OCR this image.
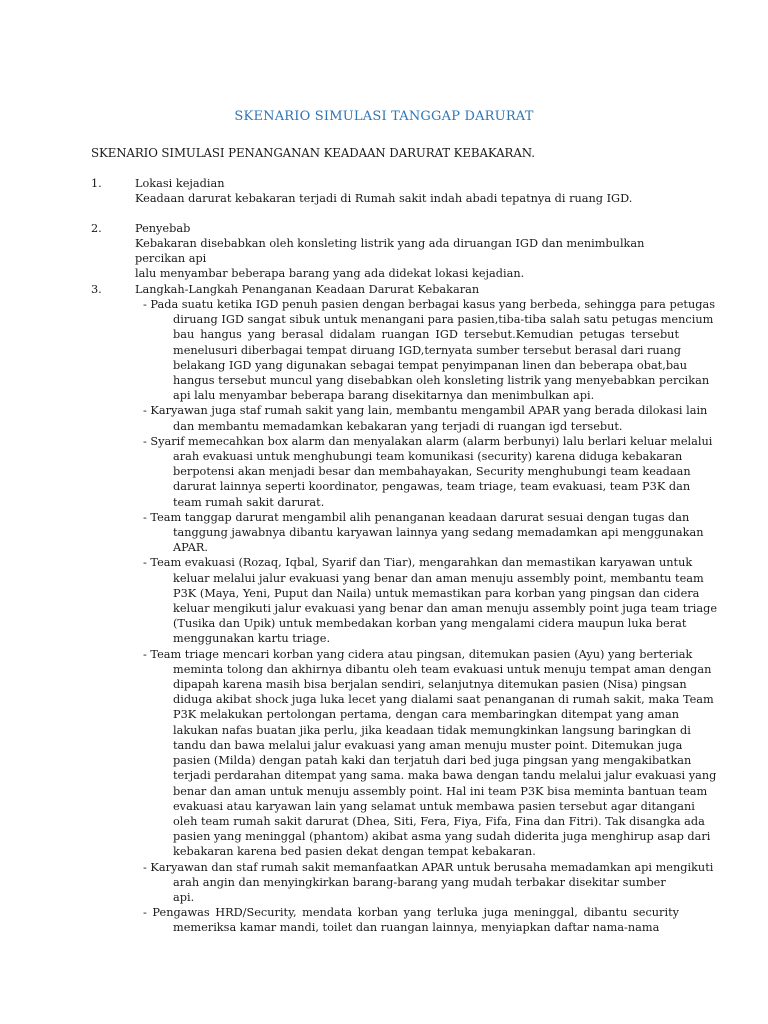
SKENARIO SIMULASI TANGGAP DARURAT
SKENARIO SIMULASI PENANGANAN KEADAAN DARURAT KEBAKARAN.
1.	Lokasi kejadian

Keadaan darurat kebakaran terjadi di Rumah sakit indah abadi tepatnya di ruang IGD.

2.	Penyebab

Kebakaran disebabkan oleh konsleting listrik yang ada diruangan IGD dan menimbulkan percikan api

lalu menyambar beberapa barang yang ada didekat lokasi kejadian.

3.	Langkah-Langkah Penanganan Keadaan Darurat Kebakaran
- Pada suatu ketika IGD penuh pasien dengan berbagai kasus yang berbeda, sehingga para petugas
diruang IGD sangat sibuk untuk menangani para pasien,tiba-tiba salah satu petugas mencium
bau hangus yang berasal didalam ruangan IGD tersebut.Kemudian petugas tersebut
menelusuri diberbagai tempat diruang IGD,ternyata sumber tersebut berasal dari ruang
belakang IGD yang digunakan sebagai tempat penyimpanan linen dan beberapa obat,bau
hangus tersebut muncul yang disebabkan oleh konsleting listrik yang menyebabkan percikan
api lalu menyambar beberapa barang disekitarnya dan menimbulkan api.
- Karyawan juga staf rumah sakit yang lain, membantu mengambil APAR yang berada dilokasi lain
dan membantu memadamkan kebakaran yang terjadi di ruangan igd tersebut.
- Syarif memecahkan box alarm dan menyalakan alarm (alarm berbunyi) lalu berlari keluar melalui
arah evakuasi untuk menghubungi team komunikasi (security) karena diduga kebakaran
berpotensi akan menjadi besar dan membahayakan, Security menghubungi team keadaan
darurat lainnya seperti koordinator, pengawas, team triage, team evakuasi, team P3K dan
team rumah sakit darurat.
- Team tanggap darurat mengambil alih penanganan keadaan darurat sesuai dengan tugas dan
tanggung jawabnya dibantu karyawan lainnya yang sedang memadamkan api menggunakan
APAR.
- Team evakuasi (Rozaq, Iqbal, Syarif dan Tiar), mengarahkan dan memastikan karyawan untuk
keluar melalui jalur evakuasi yang benar dan aman menuju assembly point, membantu team
P3K (Maya, Yeni, Puput dan Naila) untuk memastikan para korban yang pingsan dan cidera
keluar mengikuti jalur evakuasi yang benar dan aman menuju assembly point juga team triage
(Tusika dan Upik) untuk membedakan korban yang mengalami cidera maupun luka berat
menggunakan kartu triage.
- Team triage mencari korban yang cidera atau pingsan, ditemukan pasien (Ayu) yang berteriak
meminta tolong dan akhirnya dibantu oleh team evakuasi untuk menuju tempat aman dengan
dipapah karena masih bisa berjalan sendiri, selanjutnya ditemukan pasien (Nisa) pingsan
diduga akibat shock juga luka lecet yang dialami saat penanganan di rumah sakit, maka Team
P3K melakukan pertolongan pertama, dengan cara membaringkan ditempat yang aman
lakukan nafas buatan jika perlu, jika keadaan tidak memungkinkan langsung baringkan di
tandu dan bawa melalui jalur evakuasi yang aman menuju muster point. Ditemukan juga
pasien (Milda) dengan patah kaki dan terjatuh dari bed juga pingsan yang mengakibatkan
terjadi perdarahan ditempat yang sama. maka bawa dengan tandu melalui jalur evakuasi yang
benar dan aman untuk menuju assembly point. Hal ini team P3K bisa meminta bantuan team
evakuasi atau karyawan lain yang selamat untuk membawa pasien tersebut agar ditangani
oleh team rumah sakit darurat (Dhea, Siti, Fera, Fiya, Fifa, Fina dan Fitri). Tak disangka ada
pasien yang meninggal (phantom) akibat asma yang sudah diderita juga menghirup asap dari
kebakaran karena bed pasien dekat dengan tempat kebakaran.
- Karyawan dan staf rumah sakit memanfaatkan APAR untuk berusaha memadamkan api mengikuti
arah angin dan menyingkirkan barang-barang yang mudah terbakar disekitar sumber api.
- Pengawas HRD/Security, mendata korban yang terluka juga meninggal, dibantu security
memeriksa kamar mandi, toilet dan ruangan lainnya, menyiapkan daftar nama-nama
